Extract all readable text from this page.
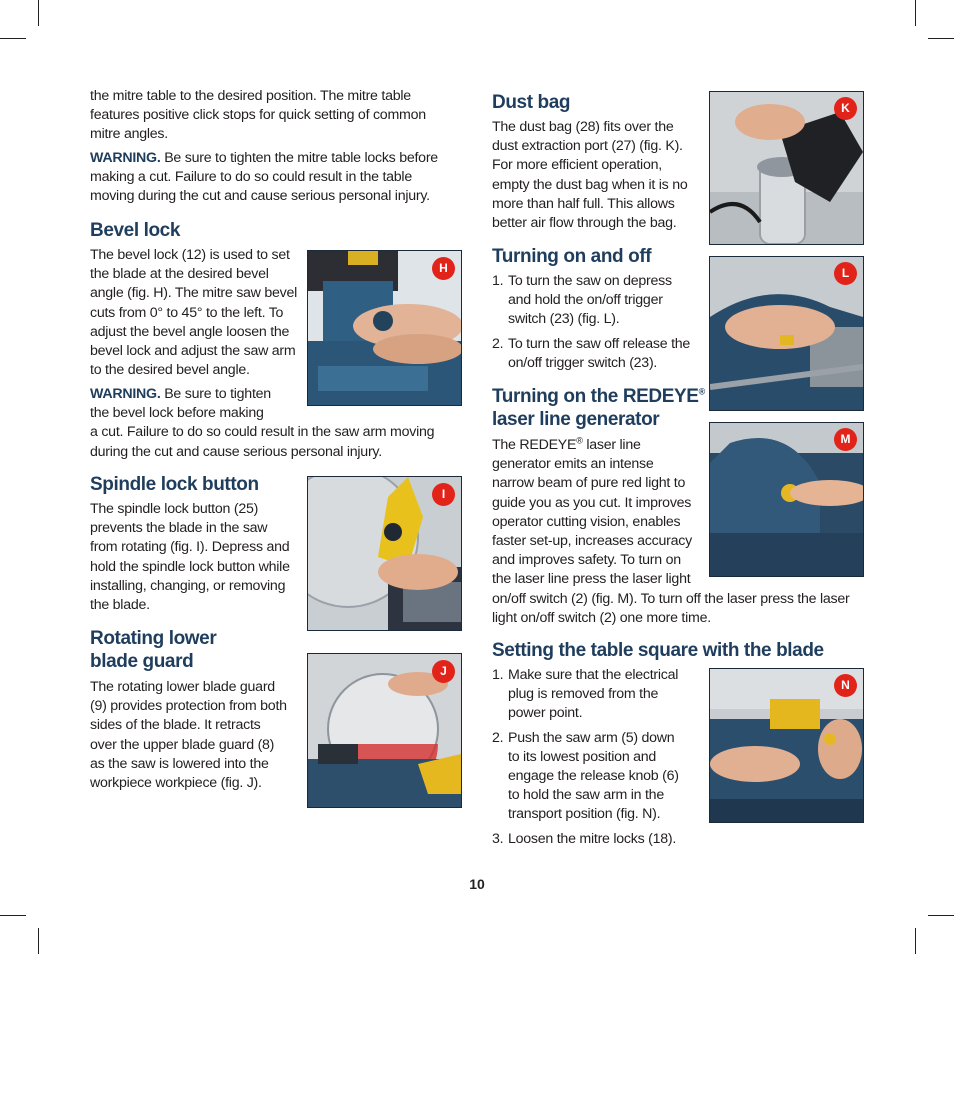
the mitre table to the desired position. The mitre table

features positive click stops for quick setting of common

mitre angles.

WARNING. Be sure to tighten the mitre table locks before

making a cut. Failure to do so could result in the table

moving during the cut and cause serious personal injury.

Bevel lock

The bevel lock (12) is used to set

the blade at the desired bevel

angle (fig. H). The mitre saw bevel

cuts from 0° to 45° to the left. To

adjust the bevel angle loosen the

bevel lock and adjust the saw arm

to the desired bevel angle.

WARNING. Be sure to tighten

the bevel lock before making

a cut. Failure to do so could result in the saw arm moving

during the cut and cause serious personal injury.

Spindle lock button

The spindle lock button (25)

prevents the blade in the saw

from rotating (fig. I). Depress and

hold the spindle lock button while

installing, changing, or removing

the blade.

Rotating lower
blade guard

The rotating lower blade guard

(9) provides protection from both

sides of the blade. It retracts

over the upper blade guard (8)

as the saw is lowered into the

workpiece workpiece (fig. J).

H
I
J
Dust bag

The dust bag (28) fits over the

dust extraction port (27) (fig. K).

For more efficient operation,

empty the dust bag when it is no

more than half full. This allows

better air flow through the bag.

Turning on and off

1. To turn the saw on depress

and hold the on/off trigger

switch (23) (fig. L).

2. To turn the saw off release the

on/off trigger switch (23).

Turning on the REDEYE®
laser line generator

The REDEYE® laser line

generator emits an intense

narrow beam of pure red light to

guide you as you cut. It improves

operator cutting vision, enables

faster set-up, increases accuracy

and improves safety. To turn on

the laser line press the laser light

on/off switch (2) (fig. M). To turn off the laser press the laser

light on/off switch (2) one more time.

Setting the table square with the blade

1. Make sure that the electrical

plug is removed from the

power point.

2. Push the saw arm (5) down

to its lowest position and

engage the release knob (6)

to hold the saw arm in the

transport position (fig. N).

3. Loosen the mitre locks (18).

K
L
M
N
10
